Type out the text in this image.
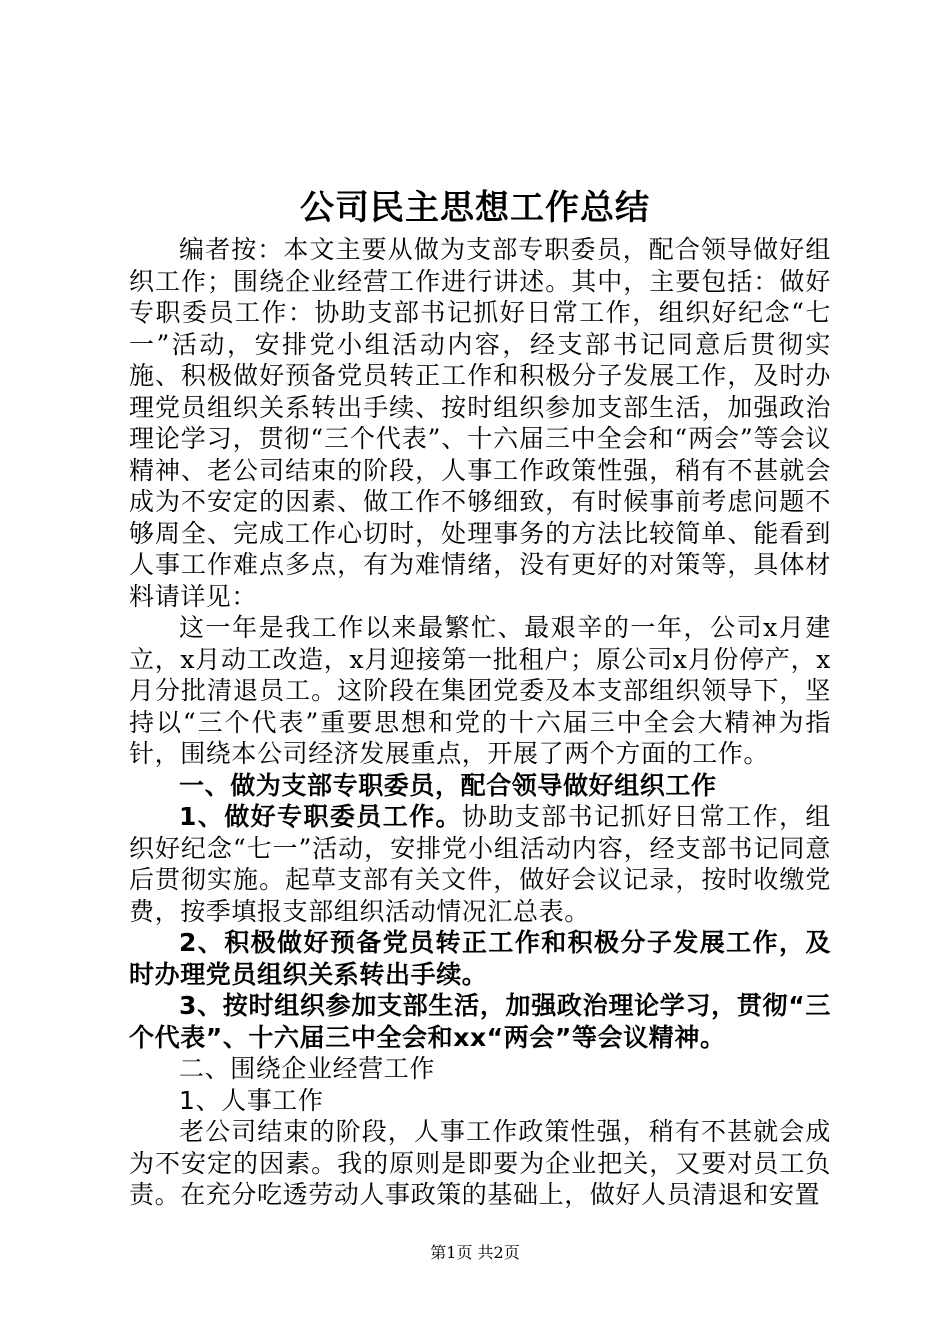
公司民主思想工作总结

编者按：本文主要从做为支部专职委员，配合领导做好组织工作；围绕企业经营工作进行讲述。其中，主要包括：做好专职委员工作：协助支部书记抓好日常工作，组织好纪念“七一”活动，安排党小组活动内容，经支部书记同意后贯彻实施、积极做好预备党员转正工作和积极分子发展工作，及时办理党员组织关系转出手续、按时组织参加支部生活，加强政治理论学习，贯彻“三个代表”、十六届三中全会和“两会”等会议精神、老公司结束的阶段，人事工作政策性强，稍有不甚就会成为不安定的因素、做工作不够细致，有时候事前考虑问题不够周全、完成工作心切时，处理事务的方法比较简单、能看到人事工作难点多点，有为难情绪，没有更好的对策等，具体材料请详见：

这一年是我工作以来最繁忙、最艰辛的一年，公司x月建立，x月动工改造，x月迎接第一批租户；原公司x月份停产，x月分批清退员工。这阶段在集团党委及本支部组织领导下，坚持以“三个代表”重要思想和党的十六届三中全会大精神为指针，围绕本公司经济发展重点，开展了两个方面的工作。

一、做为支部专职委员，配合领导做好组织工作

1、做好专职委员工作。协助支部书记抓好日常工作，组织好纪念“七一”活动，安排党小组活动内容，经支部书记同意后贯彻实施。起草支部有关文件，做好会议记录，按时收缴党费，按季填报支部组织活动情况汇总表。

2、积极做好预备党员转正工作和积极分子发展工作，及时办理党员组织关系转出手续。

3、按时组织参加支部生活，加强政治理论学习，贯彻“三个代表”、十六届三中全会和xx“两会”等会议精神。

二、围绕企业经营工作

1、人事工作

老公司结束的阶段，人事工作政策性强，稍有不甚就会成为不安定的因素。我的原则是即要为企业把关，又要对员工负责。在充分吃透劳动人事政策的基础上，做好人员清退和安置

第1页 共2页
